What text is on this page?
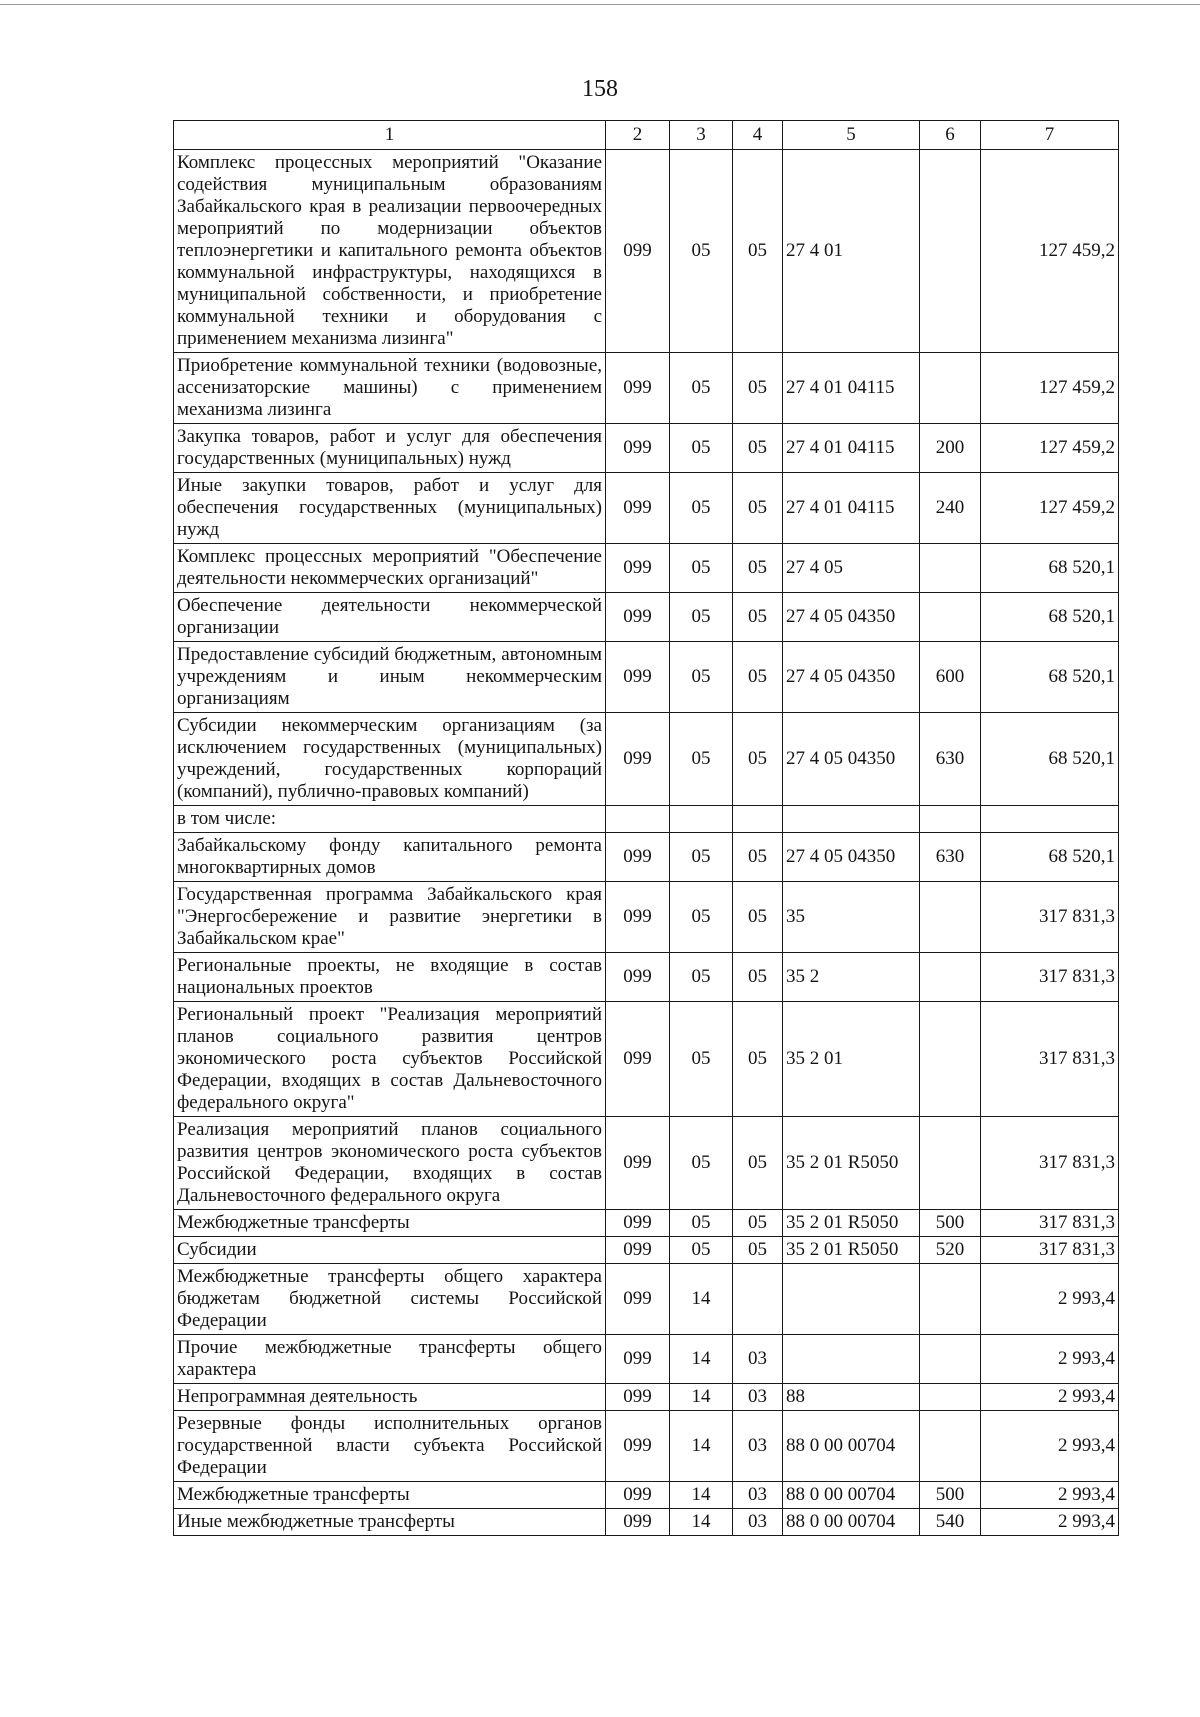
158
1	2	3	4	5	6	7
Комплекс процессных мероприятий "Оказание содействия муниципальным образованиям Забайкальского края в реализации первоочередных мероприятий по модернизации объектов теплоэнергетики и капитального ремонта объектов коммунальной инфраструктуры, находящихся в муниципальной собственности, и приобретение коммунальной техники и оборудования с применением механизма лизинга"	099	05	05	27 4 01		127 459,2
Приобретение коммунальной техники (водовозные, ассенизаторские машины) с применением механизма лизинга	099	05	05	27 4 01 04115		127 459,2
Закупка товаров, работ и услуг для обеспечения государственных (муниципальных) нужд	099	05	05	27 4 01 04115	200	127 459,2
Иные закупки товаров, работ и услуг для обеспечения государственных (муниципальных) нужд	099	05	05	27 4 01 04115	240	127 459,2
Комплекс процессных мероприятий "Обеспечение деятельности некоммерческих организаций"	099	05	05	27 4 05		68 520,1
Обеспечение деятельности некоммерческой организации	099	05	05	27 4 05 04350		68 520,1
Предоставление субсидий бюджетным, автономным учреждениям и иным некоммерческим организациям	099	05	05	27 4 05 04350	600	68 520,1
Субсидии некоммерческим организациям (за исключением государственных (муниципальных) учреждений, государственных корпораций (компаний), публично-правовых компаний)	099	05	05	27 4 05 04350	630	68 520,1
в том числе:						
Забайкальскому фонду капитального ремонта многоквартирных домов	099	05	05	27 4 05 04350	630	68 520,1
Государственная программа Забайкальского края "Энергосбережение и развитие энергетики в Забайкальском крае"	099	05	05	35		317 831,3
Региональные проекты, не входящие в состав национальных проектов	099	05	05	35 2		317 831,3
Региональный проект "Реализация мероприятий планов социального развития центров экономического роста субъектов Российской Федерации, входящих в состав Дальневосточного федерального округа"	099	05	05	35 2 01		317 831,3
Реализация мероприятий планов социального развития центров экономического роста субъектов Российской Федерации, входящих в состав Дальневосточного федерального округа	099	05	05	35 2 01 R5050		317 831,3
Межбюджетные трансферты	099	05	05	35 2 01 R5050	500	317 831,3
Субсидии	099	05	05	35 2 01 R5050	520	317 831,3
Межбюджетные трансферты общего характера бюджетам бюджетной системы Российской Федерации	099	14				2 993,4
Прочие межбюджетные трансферты общего характера	099	14	03			2 993,4
Непрограммная деятельность	099	14	03	88		2 993,4
Резервные фонды исполнительных органов государственной власти субъекта Российской Федерации	099	14	03	88 0 00 00704		2 993,4
Межбюджетные трансферты	099	14	03	88 0 00 00704	500	2 993,4
Иные межбюджетные трансферты	099	14	03	88 0 00 00704	540	2 993,4
